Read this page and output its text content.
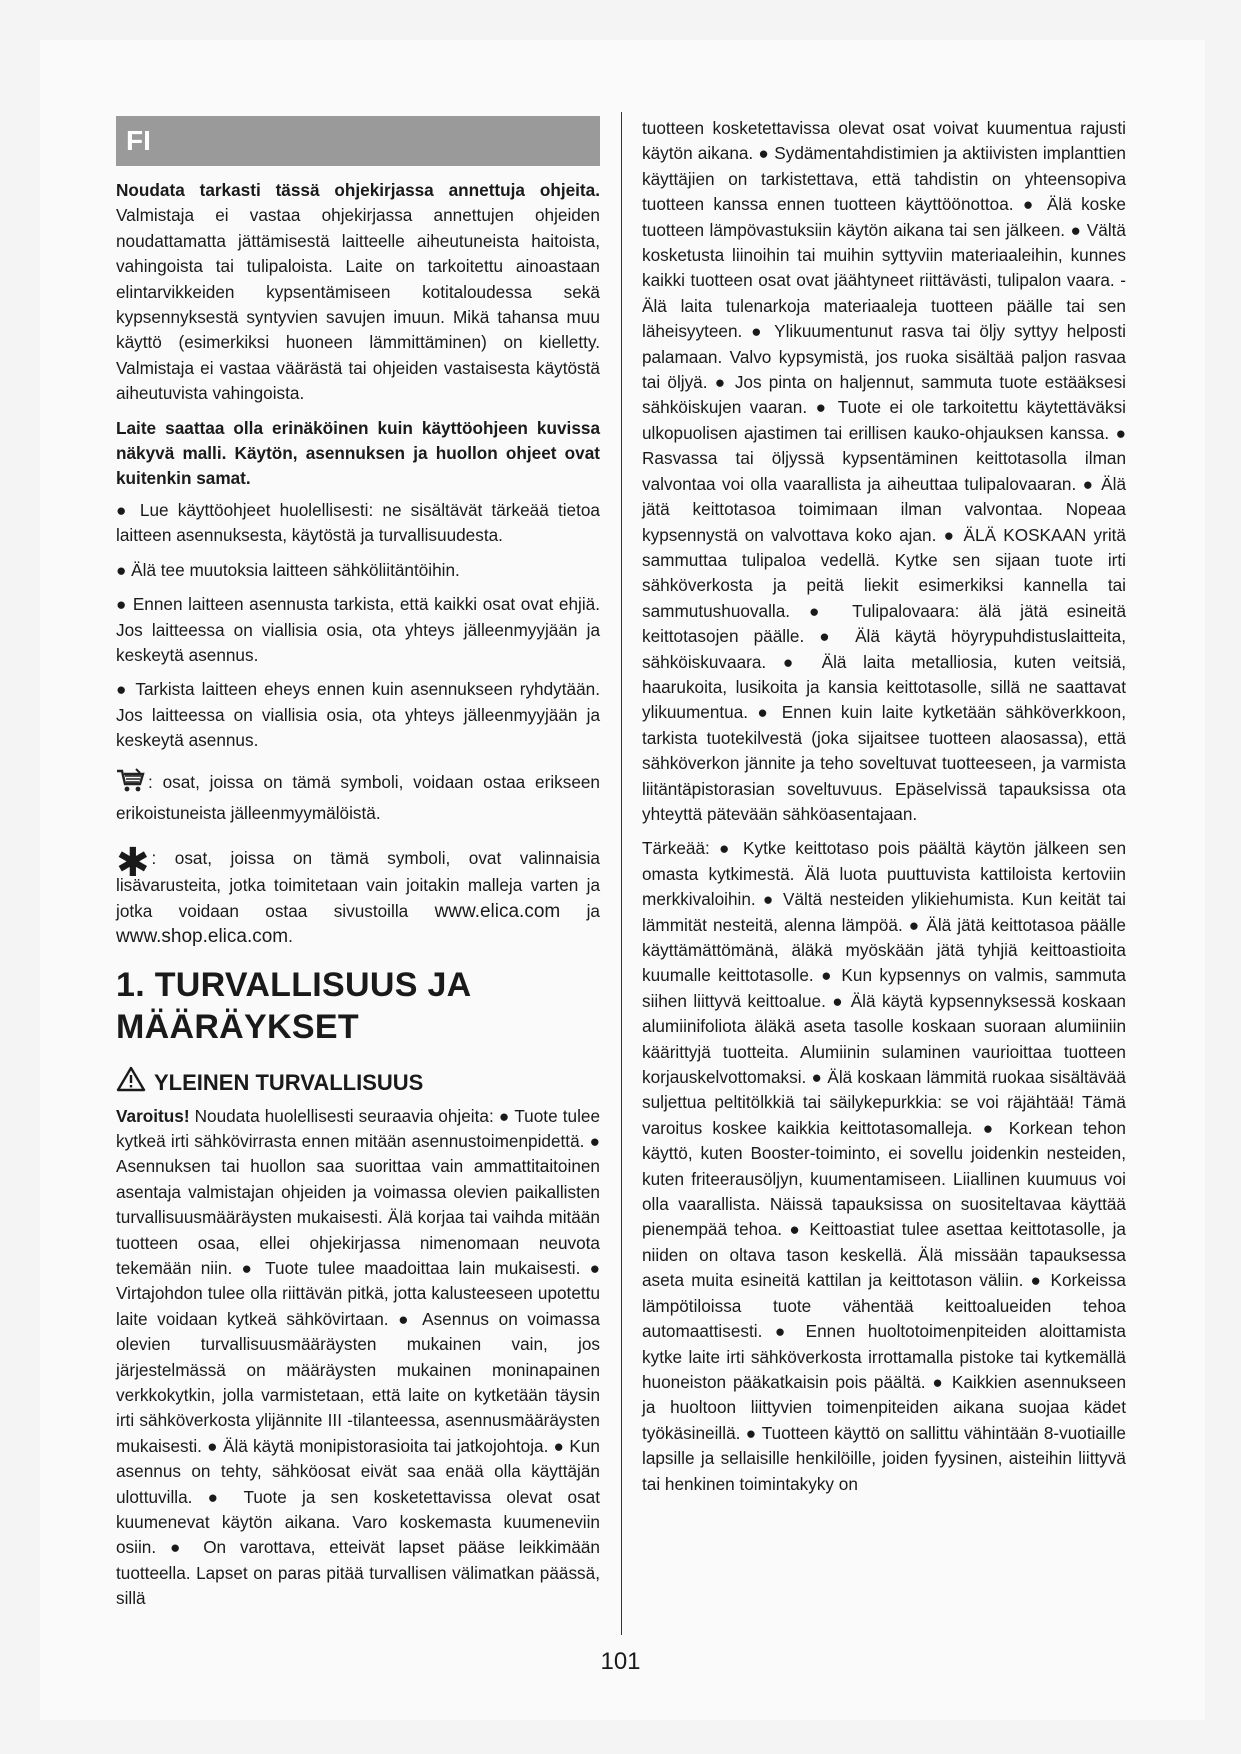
FI

Noudata tarkasti tässä ohjekirjassa annettuja ohjeita. Valmistaja ei vastaa ohjekirjassa annettujen ohjeiden noudattamatta jättämisestä laitteelle aiheutuneista haitoista, vahingoista tai tulipaloista. Laite on tarkoitettu ainoastaan elintarvikkeiden kypsentämiseen kotitaloudessa sekä kypsennyksestä syntyvien savujen imuun. Mikä tahansa muu käyttö (esimerkiksi huoneen lämmittäminen) on kielletty. Valmistaja ei vastaa väärästä tai ohjeiden vastaisesta käytöstä aiheutuvista vahingoista.

Laite saattaa olla erinäköinen kuin käyttöohjeen kuvissa näkyvä malli. Käytön, asennuksen ja huollon ohjeet ovat kuitenkin samat.

● Lue käyttöohjeet huolellisesti: ne sisältävät tärkeää tietoa laitteen asennuksesta, käytöstä ja turvallisuudesta.

● Älä tee muutoksia laitteen sähköliitäntöihin.

● Ennen laitteen asennusta tarkista, että kaikki osat ovat ehjiä. Jos laitteessa on viallisia osia, ota yhteys jälleenmyyjään ja keskeytä asennus.

● Tarkista laitteen eheys ennen kuin asennukseen ryhdytään. Jos laitteessa on viallisia osia, ota yhteys jälleenmyyjään ja keskeytä asennus.

: osat, joissa on tämä symboli, voidaan ostaa erikseen erikoistuneista jälleenmyymälöistä.

✱ : osat, joissa on tämä symboli, ovat valinnaisia lisävarusteita, jotka toimitetaan vain joitakin malleja varten ja jotka voidaan ostaa sivustoilla www.elica.com ja www.shop.elica.com.

1. TURVALLISUUS JA
MÄÄRÄYKSET
YLEINEN TURVALLISUUS

Varoitus! Noudata huolellisesti seuraavia ohjeita: ● Tuote tulee kytkeä irti sähkövirrasta ennen mitään asennustoimenpidettä. ● Asennuksen tai huollon saa suorittaa vain ammattitaitoinen asentaja valmistajan ohjeiden ja voimassa olevien paikallisten turvallisuusmääräysten mukaisesti. Älä korjaa tai vaihda mitään tuotteen osaa, ellei ohjekirjassa nimenomaan neuvota tekemään niin. ● Tuote tulee maadoittaa lain mukaisesti. ● Virtajohdon tulee olla riittävän pitkä, jotta kalusteeseen upotettu laite voidaan kytkeä sähkövirtaan. ● Asennus on voimassa olevien turvallisuusmääräysten mukainen vain, jos järjestelmässä on määräysten mukainen moninapainen verkkokytkin, jolla varmistetaan, että laite on kytketään täysin irti sähköverkosta ylijännite III -tilanteessa, asennusmääräysten mukaisesti. ● Älä käytä monipistorasioita tai jatkojohtoja. ● Kun asennus on tehty, sähköosat eivät saa enää olla käyttäjän ulottuvilla. ● Tuote ja sen kosketettavissa olevat osat kuumenevat käytön aikana. Varo koskemasta kuumeneviin osiin. ● On varottava, etteivät lapset pääse leikkimään tuotteella. Lapset on paras pitää turvallisen välimatkan päässä, sillä

tuotteen kosketettavissa olevat osat voivat kuumentua rajusti käytön aikana. ● Sydämentahdistimien ja aktiivisten implanttien käyttäjien on tarkistettava, että tahdistin on yhteensopiva tuotteen kanssa ennen tuotteen käyttöönottoa. ● Älä koske tuotteen lämpövastuksiin käytön aikana tai sen jälkeen. ● Vältä kosketusta liinoihin tai muihin syttyviin materiaaleihin, kunnes kaikki tuotteen osat ovat jäähtyneet riittävästi, tulipalon vaara. - Älä laita tulenarkoja materiaaleja tuotteen päälle tai sen läheisyyteen. ● Ylikuumentunut rasva tai öljy syttyy helposti palamaan. Valvo kypsymistä, jos ruoka sisältää paljon rasvaa tai öljyä. ● Jos pinta on haljennut, sammuta tuote estääksesi sähköiskujen vaaran. ● Tuote ei ole tarkoitettu käytettäväksi ulkopuolisen ajastimen tai erillisen kauko-ohjauksen kanssa. ● Rasvassa tai öljyssä kypsentäminen keittotasolla ilman valvontaa voi olla vaarallista ja aiheuttaa tulipalovaaran. ● Älä jätä keittotasoa toimimaan ilman valvontaa. Nopeaa kypsennystä on valvottava koko ajan. ● ÄLÄ KOSKAAN yritä sammuttaa tulipaloa vedellä. Kytke sen sijaan tuote irti sähköverkosta ja peitä liekit esimerkiksi kannella tai sammutushuovalla. ● Tulipalovaara: älä jätä esineitä keittotasojen päälle. ● Älä käytä höyrypuhdistuslaitteita, sähköiskuvaara. ● Älä laita metalliosia, kuten veitsiä, haarukoita, lusikoita ja kansia keittotasolle, sillä ne saattavat ylikuumentua. ● Ennen kuin laite kytketään sähköverkkoon, tarkista tuotekilvestä (joka sijaitsee tuotteen alaosassa), että sähköverkon jännite ja teho soveltuvat tuotteeseen, ja varmista liitäntäpistorasian soveltuvuus. Epäselvissä tapauksissa ota yhteyttä pätevään sähköasentajaan.

Tärkeää: ● Kytke keittotaso pois päältä käytön jälkeen sen omasta kytkimestä. Älä luota puuttuvista kattiloista kertoviin merkkivaloihin. ● Vältä nesteiden ylikiehumista. Kun keität tai lämmität nesteitä, alenna lämpöä. ● Älä jätä keittotasoa päälle käyttämättömänä, äläkä myöskään jätä tyhjiä keittoastioita kuumalle keittotasolle. ● Kun kypsennys on valmis, sammuta siihen liittyvä keittoalue. ● Älä käytä kypsennyksessä koskaan alumiinifoliota äläkä aseta tasolle koskaan suoraan alumiiniin käärittyjä tuotteita. Alumiinin sulaminen vaurioittaa tuotteen korjauskelvottomaksi. ● Älä koskaan lämmitä ruokaa sisältävää suljettua peltitölkkiä tai säilykepurkkia: se voi räjähtää! Tämä varoitus koskee kaikkia keittotasomalleja. ● Korkean tehon käyttö, kuten Booster-toiminto, ei sovellu joidenkin nesteiden, kuten friteerausöljyn, kuumentamiseen. Liiallinen kuumuus voi olla vaarallista. Näissä tapauksissa on suositeltavaa käyttää pienempää tehoa. ● Keittoastiat tulee asettaa keittotasolle, ja niiden on oltava tason keskellä. Älä missään tapauksessa aseta muita esineitä kattilan ja keittotason väliin. ● Korkeissa lämpötiloissa tuote vähentää keittoalueiden tehoa automaattisesti. ● Ennen huoltotoimenpiteiden aloittamista kytke laite irti sähköverkosta irrottamalla pistoke tai kytkemällä huoneiston pääkatkaisin pois päältä. ● Kaikkien asennukseen ja huoltoon liittyvien toimenpiteiden aikana suojaa kädet työkäsineillä. ● Tuotteen käyttö on sallittu vähintään 8-vuotiaille lapsille ja sellaisille henkilöille, joiden fyysinen, aisteihin liittyvä tai henkinen toimintakyky on

101
